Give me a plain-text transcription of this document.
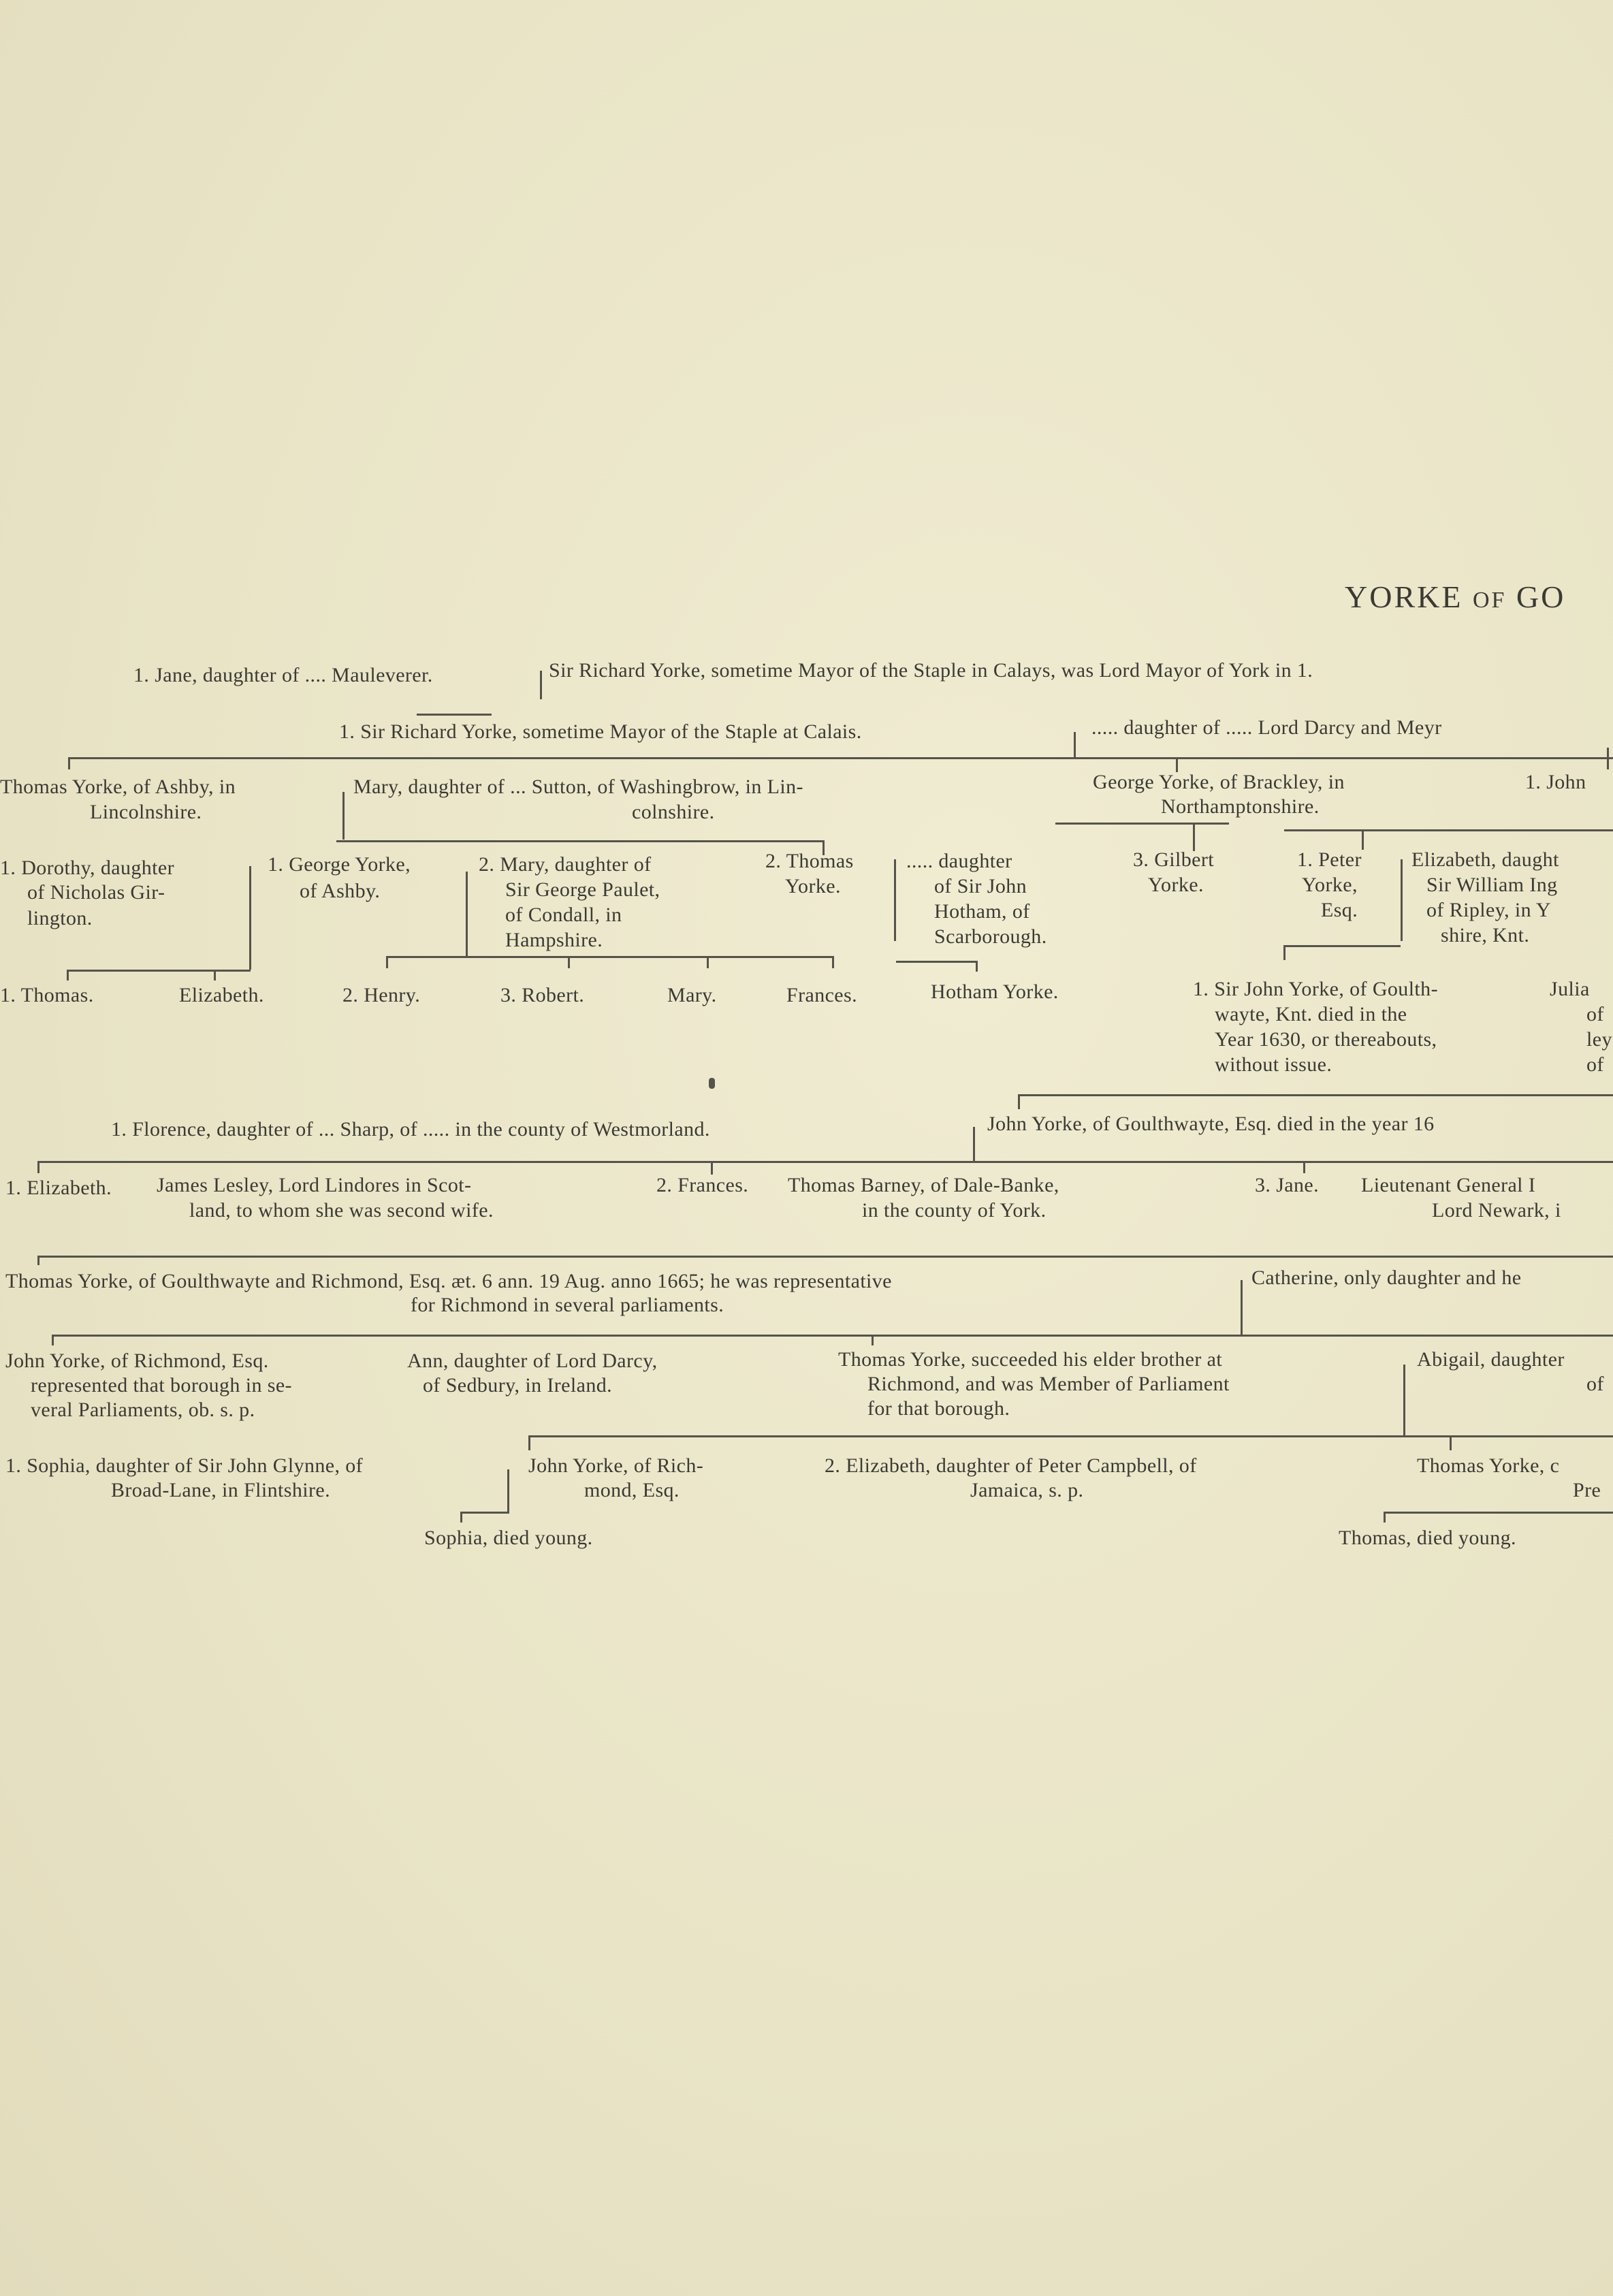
YORKE OF GO
1. Jane, daughter of .... Mauleverer.	Sir Richard Yorke, sometime Mayor of the Staple in Calays, was Lord Mayor of York in 1.
1. Sir Richard Yorke, sometime Mayor of the Staple at Calais.	..... daughter of ..... Lord Darcy and Meyr
Thomas Yorke, of Ashby, in
Lincolnshire.
Mary, daughter of ... Sutton, of Washingbrow, in Lin-
colnshire.
George Yorke, of Brackley, in
Northamptonshire.
1. John
1. Dorothy, daughter
of Nicholas Gir-
lington.
1. George Yorke,
of Ashby.
2. Mary, daughter of
Sir George Paulet,
of Condall, in
Hampshire.
2. Thomas
Yorke.
..... daughter
of Sir John
Hotham, of
Scarborough.
3. Gilbert
Yorke.
1. Peter
Yorke,
Esq.
Elizabeth, daught
Sir William Ing
of Ripley, in Y
shire, Knt.
1. Thomas.	Elizabeth.	2. Henry.	3. Robert.	Mary.	Frances.	Hotham Yorke.	1. Sir John Yorke, of Goulth-
wayte, Knt. died in the
Year 1630, or thereabouts,
without issue.
Julia
of
ley
of
1. Florence, daughter of ... Sharp, of ..... in the county of Westmorland.	John Yorke, of Goulthwayte, Esq. died in the year 16
1. Elizabeth. James Lesley, Lord Lindores in Scot-
land, to whom she was second wife.
2. Frances. Thomas Barney, of Dale-Banke,
in the county of York.
3. Jane. Lieutenant General I
Lord Newark, i
Thomas Yorke, of Goulthwayte and Richmond, Esq. æt. 6 ann. 19 Aug. anno 1665; he was representative
for Richmond in several parliaments.
Catherine, only daughter and he
John Yorke, of Richmond, Esq.
represented that borough in se-
veral Parliaments, ob. s. p.
Ann, daughter of Lord Darcy,
of Sedbury, in Ireland.
Thomas Yorke, succeeded his elder brother at
Richmond, and was Member of Parliament
for that borough.
Abigail, daughter
of
1. Sophia, daughter of Sir John Glynne, of
Broad-Lane, in Flintshire.
John Yorke, of Rich-
mond, Esq.
2. Elizabeth, daughter of Peter Campbell, of
Jamaica, s. p.
Thomas Yorke, c
Pre
Sophia, died young.	Thomas, died young.
